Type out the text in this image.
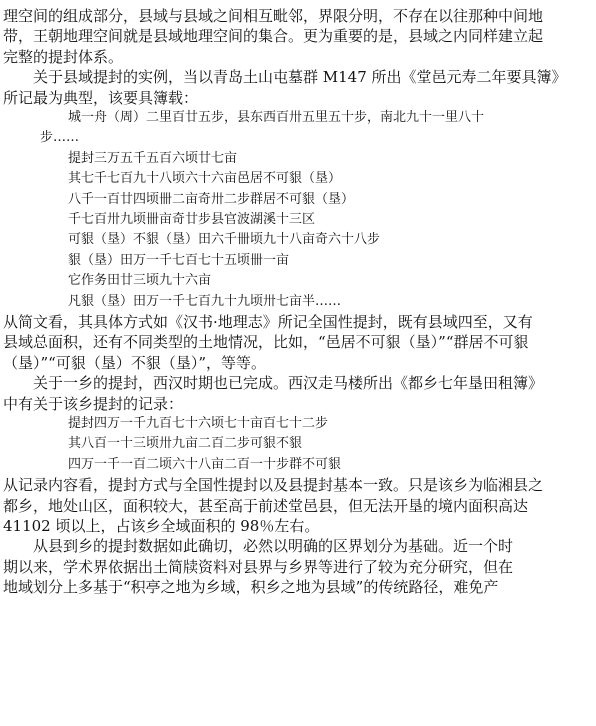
理空间的组成部分，县域与县域之间相互毗邻，界限分明，不存在以往那种中间地
带，王朝地理空间就是县域地理空间的集合。更为重要的是，县域之内同样建立起
完整的提封体系。
关于县域提封的实例，当以青岛土山屯墓群 M147 所出《堂邑元寿二年要具簿》
所记最为典型，该要具簿载：
城一舟（周）二里百廿五步，县东西百卅五里五十步，南北九十一里八十
步……
提封三万五千五百六顷廿七亩
其七千七百九十八顷六十六亩邑居不可貇（垦）
八千一百廿四顷卌二亩奇卅二步群居不可貇（垦）
千七百卅九顷卌亩奇廿步县官波湖溪十三区
可貇（垦）不貇（垦）田六千卌顷九十八亩奇六十八步
貇（垦）田万一千七百七十五顷卌一亩
它作务田廿三顷九十六亩
凡貇（垦）田万一千七百九十九顷卅七亩半……
从简文看，其具体方式如《汉书·地理志》所记全国性提封，既有县域四至，又有
县域总面积，还有不同类型的土地情况，比如，“邑居不可貇（垦）”“群居不可貇
（垦）”“可貇（垦）不貇（垦）”，等等。
关于一乡的提封，西汉时期也已完成。西汉走马楼所出《都乡七年垦田租簿》
中有关于该乡提封的记录：
提封四万一千九百七十六顷七十亩百七十二步
其八百一十三顷卅九亩二百二步可貇不貇
四万一千一百二顷六十八亩二百一十步群不可貇
从记录内容看，提封方式与全国性提封以及县提封基本一致。只是该乡为临湘县之
都乡，地处山区，面积较大，甚至高于前述堂邑县，但无法开垦的境内面积高达
41102 顷以上，占该乡全域面积的 98％左右。
从县到乡的提封数据如此确切，必然以明确的区界划分为基础。近一个时
期以来，学术界依据出土简牍资料对县界与乡界等进行了较为充分研究，但在
地域划分上多基于“积亭之地为乡域，积乡之地为县域”的传统路径，难免产
